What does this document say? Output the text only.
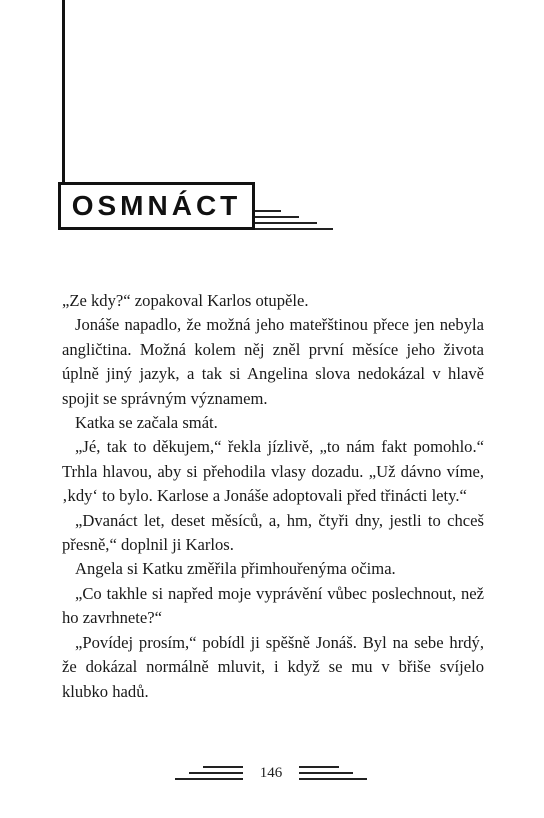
OSMNÁCT

„Ze kdy?“ zopakoval Karlos otupěle.

Jonáše napadlo, že možná jeho mateřštinou přece jen nebyla angličtina. Možná kolem něj zněl první měsíce jeho života úplně jiný jazyk, a tak si Angelina slova nedokázal v hlavě spojit se správným významem.

Katka se začala smát.

„Jé, tak to děkujem,“ řekla jízlivě, „to nám fakt pomohlo.“ Trhla hlavou, aby si přehodila vlasy dozadu. „Už dávno víme, ‚kdy‘ to bylo. Karlose a Jonáše adoptovali před třinácti lety.“

„Dvanáct let, deset měsíců, a, hm, čtyři dny, jestli to chceš přesně,“ doplnil ji Karlos.

Angela si Katku změřila přimhouřenýma očima.

„Co takhle si napřed moje vyprávění vůbec poslechnout, než ho zavrhnete?“

„Povídej prosím,“ pobídl ji spěšně Jonáš. Byl na sebe hrdý, že dokázal normálně mluvit, i když se mu v břiše svíjelo klubko hadů.

146
